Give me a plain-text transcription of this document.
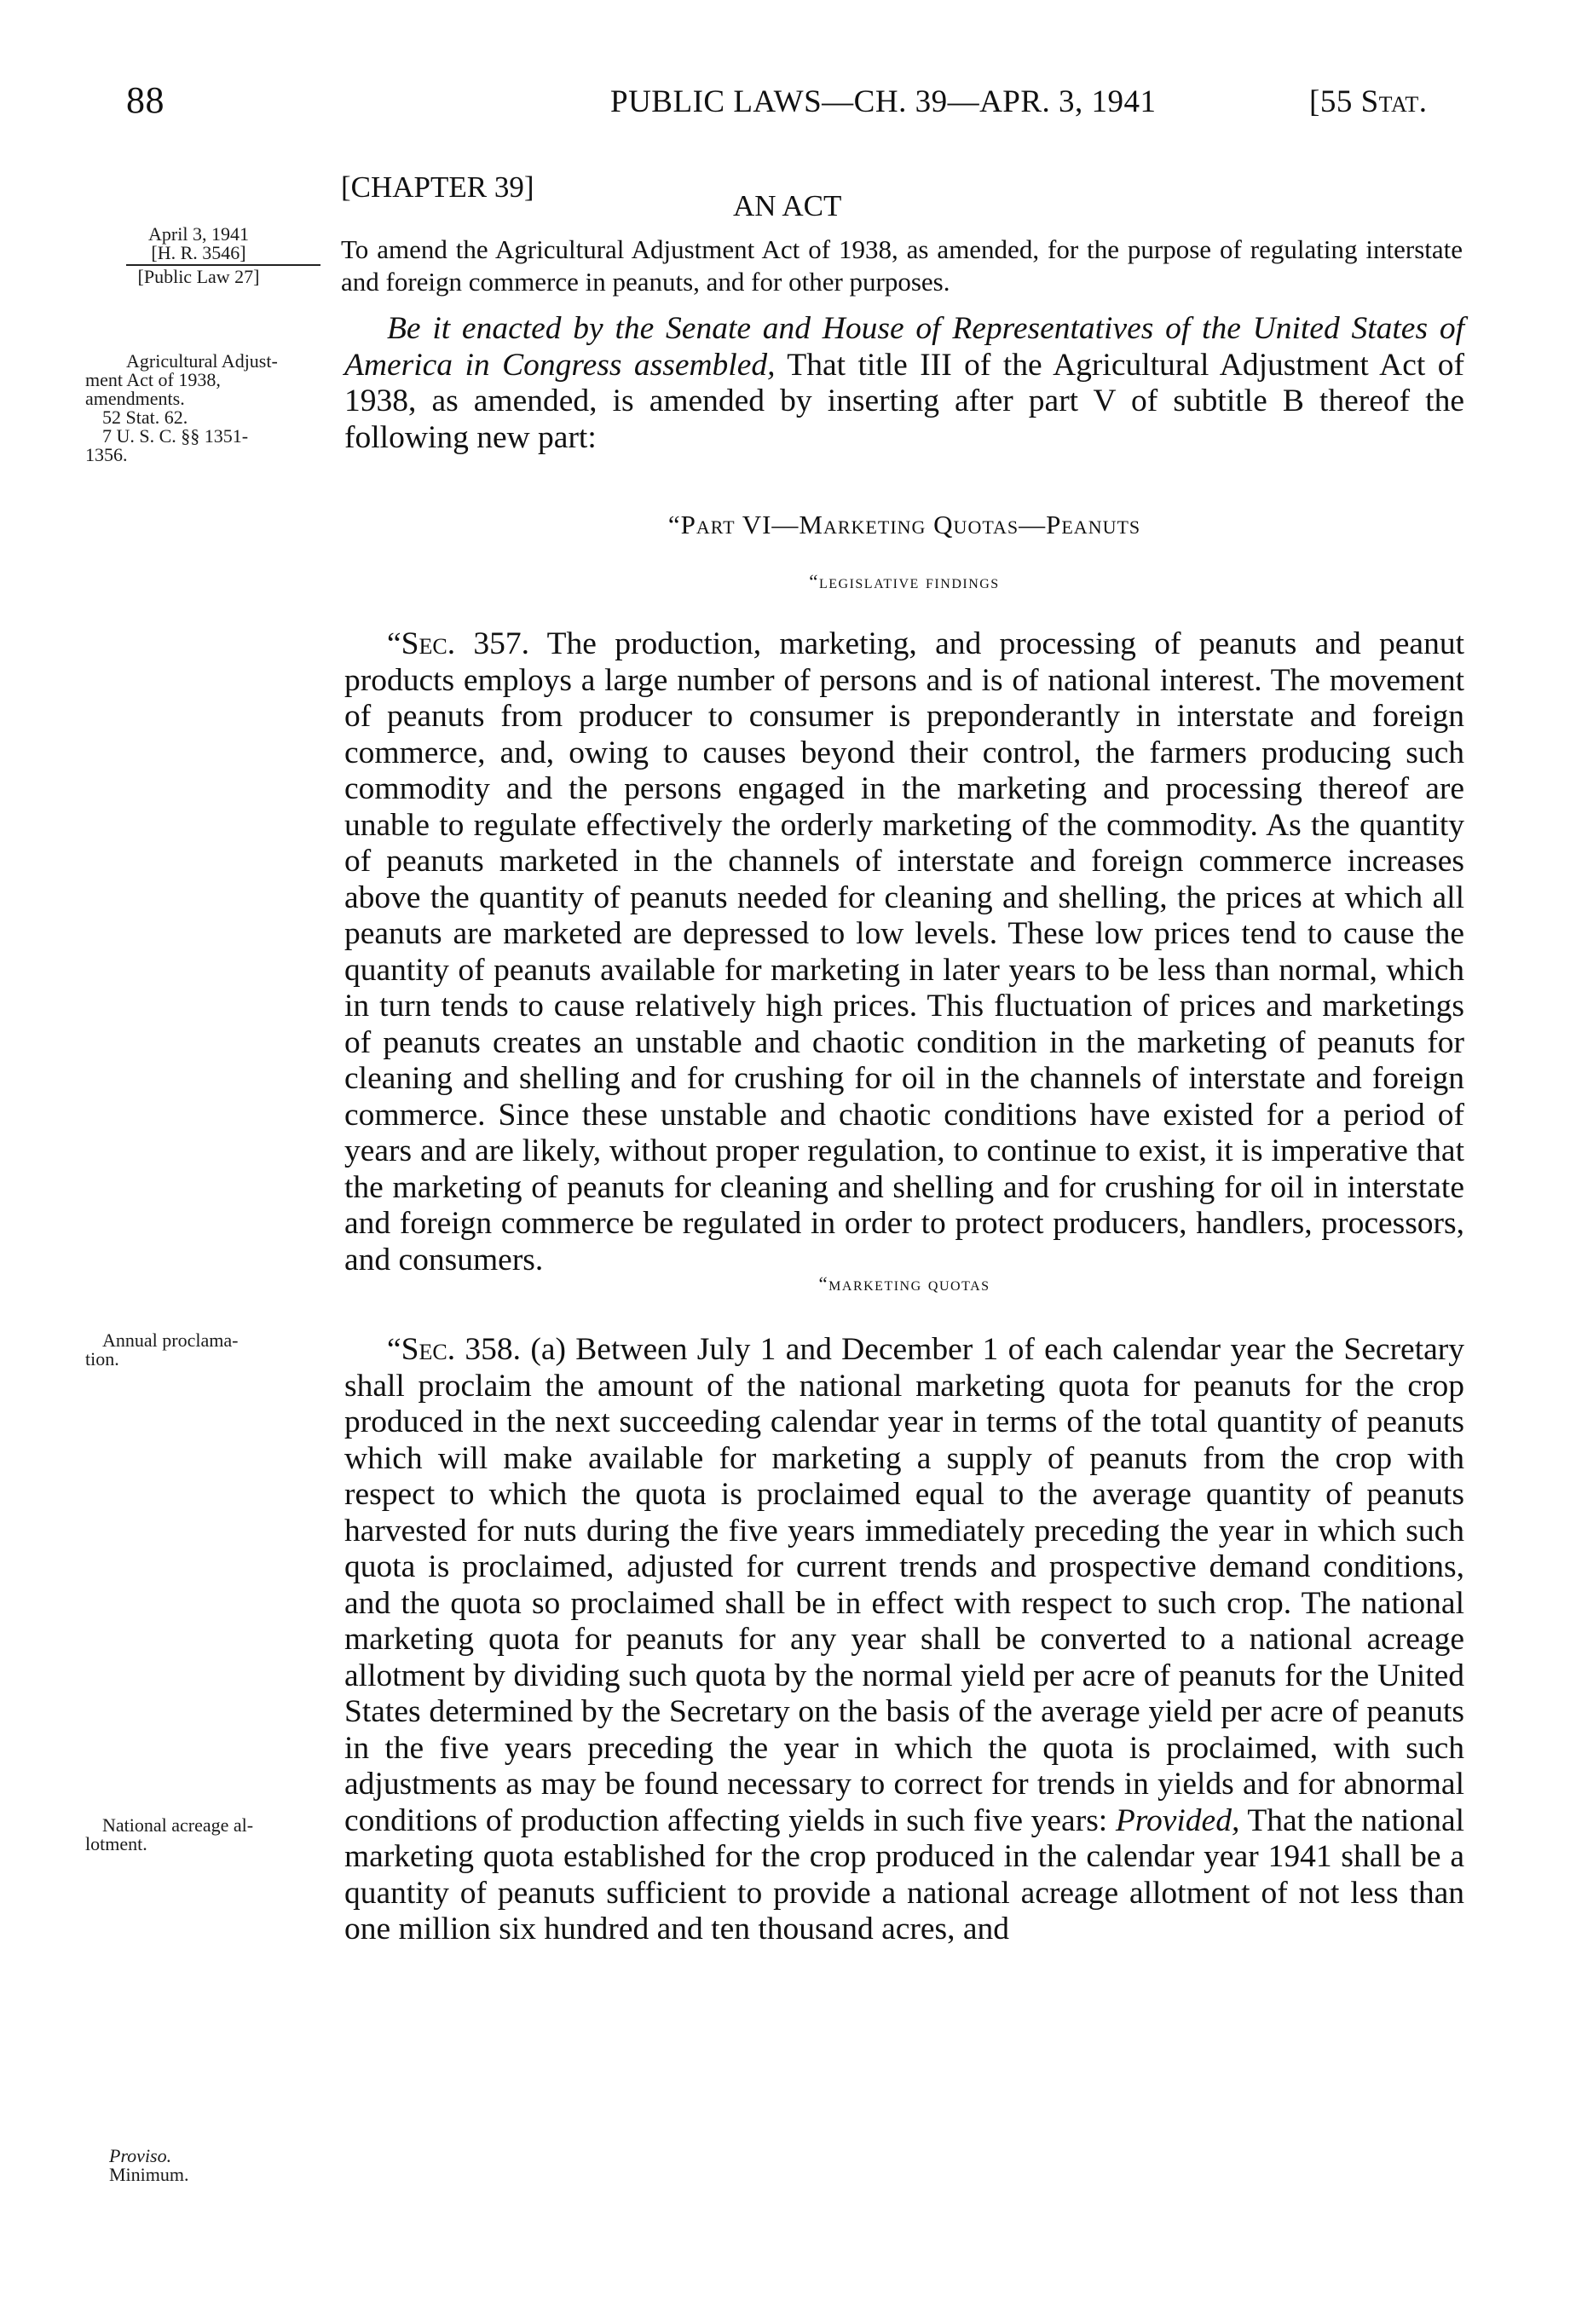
88	PUBLIC LAWS—CH. 39—APR. 3, 1941	[55 Stat.
April 3, 1941
[H. R. 3546]
[Public Law 27]
Agricultural Adjust-
ment Act of 1938,
amendments.
52 Stat. 62.
7 U. S. C. §§ 1351-
1356.
Annual proclama-
tion.
National acreage al-
lotment.
Proviso.
Minimum.
[CHAPTER 39]
AN ACT
To amend the Agricultural Adjustment Act of 1938, as amended, for the purpose of regulating interstate and foreign commerce in peanuts, and for other purposes.
Be it enacted by the Senate and House of Representatives of the United States of America in Congress assembled, That title III of the Agricultural Adjustment Act of 1938, as amended, is amended by inserting after part V of subtitle B thereof the following new part:
“Part VI—Marketing Quotas—Peanuts
“legislative findings
“Sec. 357. The production, marketing, and processing of peanuts and peanut products employs a large number of persons and is of national interest. The movement of peanuts from producer to consumer is preponderantly in interstate and foreign commerce, and, owing to causes beyond their control, the farmers producing such commodity and the persons engaged in the marketing and processing thereof are unable to regulate effectively the orderly marketing of the commodity. As the quantity of peanuts marketed in the channels of interstate and foreign commerce increases above the quantity of peanuts needed for cleaning and shelling, the prices at which all peanuts are marketed are depressed to low levels. These low prices tend to cause the quantity of peanuts available for marketing in later years to be less than normal, which in turn tends to cause relatively high prices. This fluctuation of prices and marketings of peanuts creates an unstable and chaotic condition in the marketing of peanuts for cleaning and shelling and for crushing for oil in the channels of interstate and foreign commerce. Since these unstable and chaotic conditions have existed for a period of years and are likely, without proper regulation, to continue to exist, it is imperative that the marketing of peanuts for cleaning and shelling and for crushing for oil in interstate and foreign commerce be regulated in order to protect producers, handlers, processors, and consumers.
“marketing quotas
“Sec. 358. (a) Between July 1 and December 1 of each calendar year the Secretary shall proclaim the amount of the national marketing quota for peanuts for the crop produced in the next succeeding calendar year in terms of the total quantity of peanuts which will make available for marketing a supply of peanuts from the crop with respect to which the quota is proclaimed equal to the average quantity of peanuts harvested for nuts during the five years immediately preceding the year in which such quota is proclaimed, adjusted for current trends and prospective demand conditions, and the quota so proclaimed shall be in effect with respect to such crop. The national marketing quota for peanuts for any year shall be converted to a national acreage allotment by dividing such quota by the normal yield per acre of peanuts for the United States determined by the Secretary on the basis of the average yield per acre of peanuts in the five years preceding the year in which the quota is proclaimed, with such adjustments as may be found necessary to correct for trends in yields and for abnormal conditions of production affecting yields in such five years: Provided, That the national marketing quota established for the crop produced in the calendar year 1941 shall be a quantity of peanuts sufficient to provide a national acreage allotment of not less than one million six hundred and ten thousand acres, and
